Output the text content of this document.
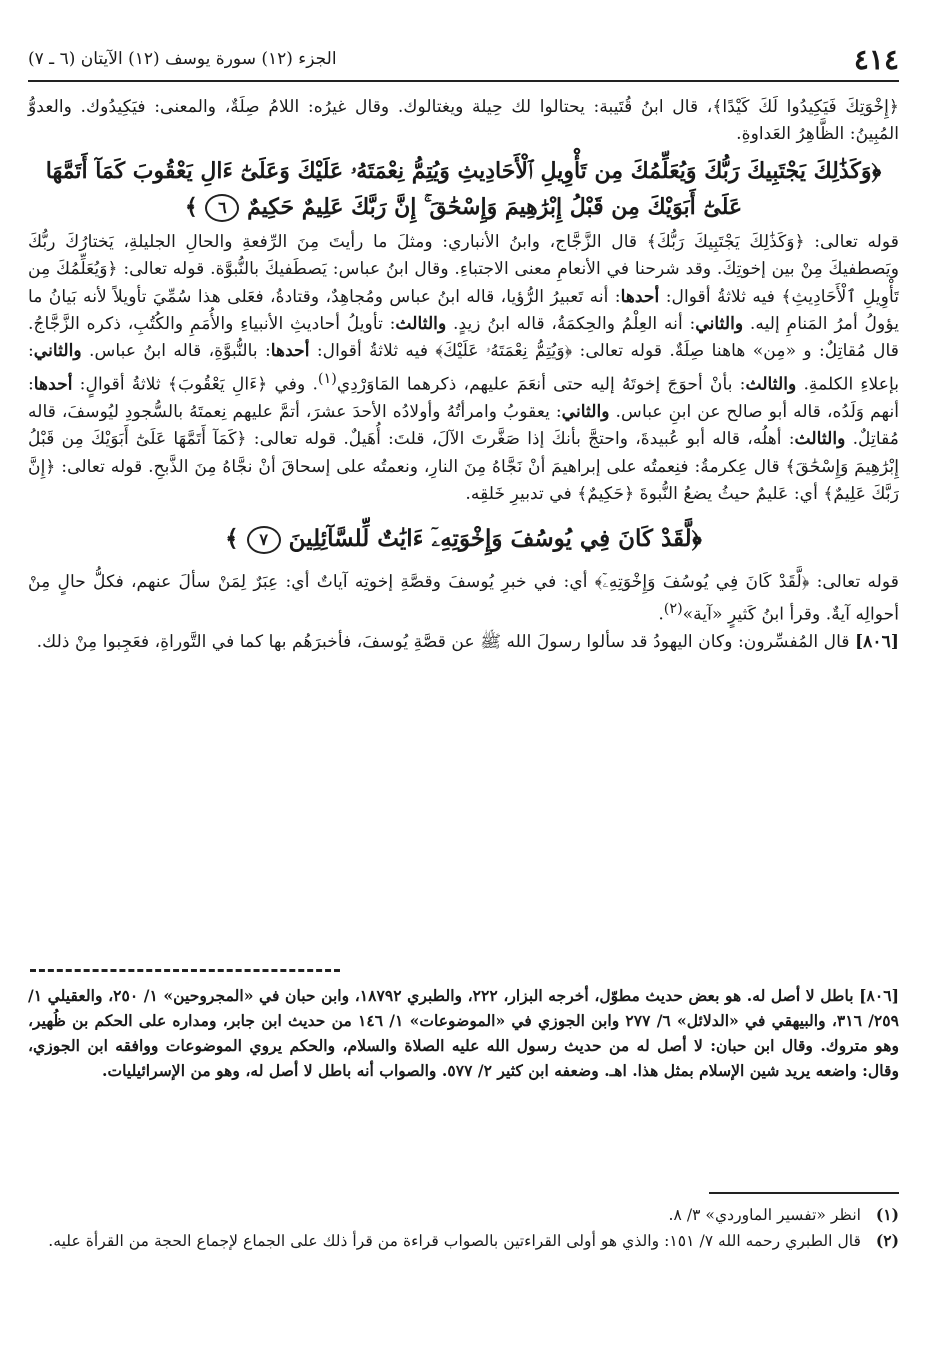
٤١٤
الجزء (١٢) سورة يوسف (١٢) الآيتان (٦ ـ ٧)

﴿إِخْوَتِكَ فَيَكِيدُوا لَكَ كَيْدًا﴾، قال ابنُ قُتَيبة: يحتالوا لك حِيلة ويغتالوك. وقال غيرُه: اللامُ صِلَةٌ، والمعنى: فيَكِيدُوك. والعدوُّ المُبِينُ: الظَّاهِرُ العَداوةِ.

﴿وَكَذَٰلِكَ يَجْتَبِيكَ رَبُّكَ وَيُعَلِّمُكَ مِن تَأْوِيلِ ٱلْأَحَادِيثِ وَيُتِمُّ نِعْمَتَهُۥ عَلَيْكَ وَعَلَىٰٓ ءَالِ يَعْقُوبَ كَمَآ أَتَمَّهَا
عَلَىٰٓ أَبَوَيْكَ مِن قَبْلُ إِبْرَٰهِيمَ وَإِسْحَٰقَ ۚ إِنَّ رَبَّكَ عَلِيمٌ حَكِيمٌ ٦ ﴾

قوله تعالى: ﴿وَكَذَٰلِكَ يَجْتَبِيكَ رَبُّكَ﴾ قال الزَّجَّاج، وابنُ الأنباري: ومثلَ ما رأيتَ مِنَ الرِّفعةِ والحالِ الجليلةِ، يَختارُكَ ربُّكَ ويَصطفيكَ مِنْ بين إخوتِكَ. وقد شرحنا في الأنعامِ معنى الاجتباءِ. وقال ابنُ عباس: يَصطَفيكَ بالنُّبوَّة. قوله تعالى: ﴿وَيُعَلِّمُكَ مِن تَأْوِيلِ ٱلْأَحَادِيثِ﴾ فيه ثلاثةُ أقوال: أحدها: أنه تَعبيرُ الرُّؤيا، قاله ابنُ عباس ومُجاهِدٌ، وقتادةُ، فعَلى هذا سُمِّيَ تأويلاً لأنه بَيانُ ما يؤولُ أمرُ المَنامِ إليه. والثاني: أنه العِلْمُ والحِكمَةُ، قاله ابنُ زيدٍ. والثالث: تأويلُ أحاديثِ الأنبياءِ والأُمَمِ والكُتُبِ، ذكره الزَّجَّاجُ. قال مُقاتِلٌ: و «مِن» هاهنا صِلَةٌ. قوله تعالى: ﴿وَيُتِمُّ نِعْمَتَهُۥ عَلَيْكَ﴾ فيه ثلاثةُ أقوال: أحدها: بالنُّبوَّةِ، قاله ابنُ عباس. والثاني: بإعلاءِ الكلمةِ. والثالث: بأنْ أحوَجَ إخوتَهُ إليه حتى أنعَمَ عليهم، ذكرهما المَاوَرْدِي$^{(١)}$. وفي ﴿ءَالِ يَعْقُوبَ﴾ ثلاثةُ أقوالٍ: أحدها: أنهم وَلَدُه، قاله أبو صالح عن ابنِ عباس. والثاني: يعقوبُ وامرأتُهُ وأولادُه الأحدَ عشرَ، أتمَّ عليهم نِعمتَهُ بالسُّجودِ ليُوسفَ، قاله مُقاتِلٌ. والثالث: أهلُه، قاله أبو عُبيدةَ، واحتجَّ بأنكَ إذا صَغَّرتَ الآلَ، قلتَ: أُهَيلٌ. قوله تعالى: ﴿كَمَآ أَتَمَّهَا عَلَىٰٓ أَبَوَيْكَ مِن قَبْلُ إِبْرَٰهِيمَ وَإِسْحَٰقَ﴾ قال عِكرمةُ: فنِعمتُه على إبراهيمَ أنْ نَجَّاهُ مِنَ النارِ، ونعمتُه على إسحاقَ أنْ نجَّاهُ مِنَ الذَّبحِ. قوله تعالى: ﴿إِنَّ رَبَّكَ عَلِيمٌ﴾ أي: عَليمٌ حيثُ يضعُ النُّبوةَ ﴿حَكِيمٌ﴾ في تدبيرِ خَلقِه.

﴿لَّقَدْ كَانَ فِي يُوسُفَ وَإِخْوَتِهِۦٓ ءَايَٰتٌ لِّلسَّآئِلِينَ ٧ ﴾

قوله تعالى: ﴿لَّقَدْ كَانَ فِي يُوسُفَ وَإِخْوَتِهِۦٓ﴾ أي: في خبرِ يُوسفَ وقصَّةِ إخوتِه آياتٌ أي: عِبَرٌ لِمَنْ سألَ عنهم، فكلُّ حالٍ مِنْ أحوالِه آيةٌ. وقرأ ابنُ كَثيرٍ «آية»$^{(٢)}$.

[٨٠٦] قال المُفسِّرون: وكان اليهودُ قد سألوا رسولَ الله ﷺ عن قصَّةِ يُوسفَ، فأخبرَهُم بها كما في التَّوراةِ، فعَجِبوا مِنْ ذلك.

[٨٠٦] باطل لا أصل له. هو بعض حديث مطوّل، أخرجه البزار، ٢٢٢، والطبري ١٨٧٩٢، وابن حبان في «المجروحين» ١/ ٢٥٠، والعقيلي ١/ ٢٥٩/ ٣١٦، والبيهقي في «الدلائل» ٦/ ٢٧٧ وابن الجوزي في «الموضوعات» ١/ ١٤٦ من حديث ابن جابر، ومداره على الحكم بن ظُهير، وهو متروك. وقال ابن حبان: لا أصل له من حديث رسول الله عليه الصلاة والسلام، والحكم يروي الموضوعات ووافقه ابن الجوزي، وقال: واضعه يريد شين الإسلام بمثل هذا. اهـ. وضعفه ابن كثير ٢/ ٥٧٧. والصواب أنه باطل لا أصل له، وهو من الإسرائيليات.

(١)
انظر «تفسير الماوردي» ٣/ ٨.
(٢)
قال الطبري رحمه الله ٧/ ١٥١: والذي هو أولى القراءتين بالصواب قراءة من قرأ ذلك على الجماع لإجماع الحجة من القرأة عليه.
